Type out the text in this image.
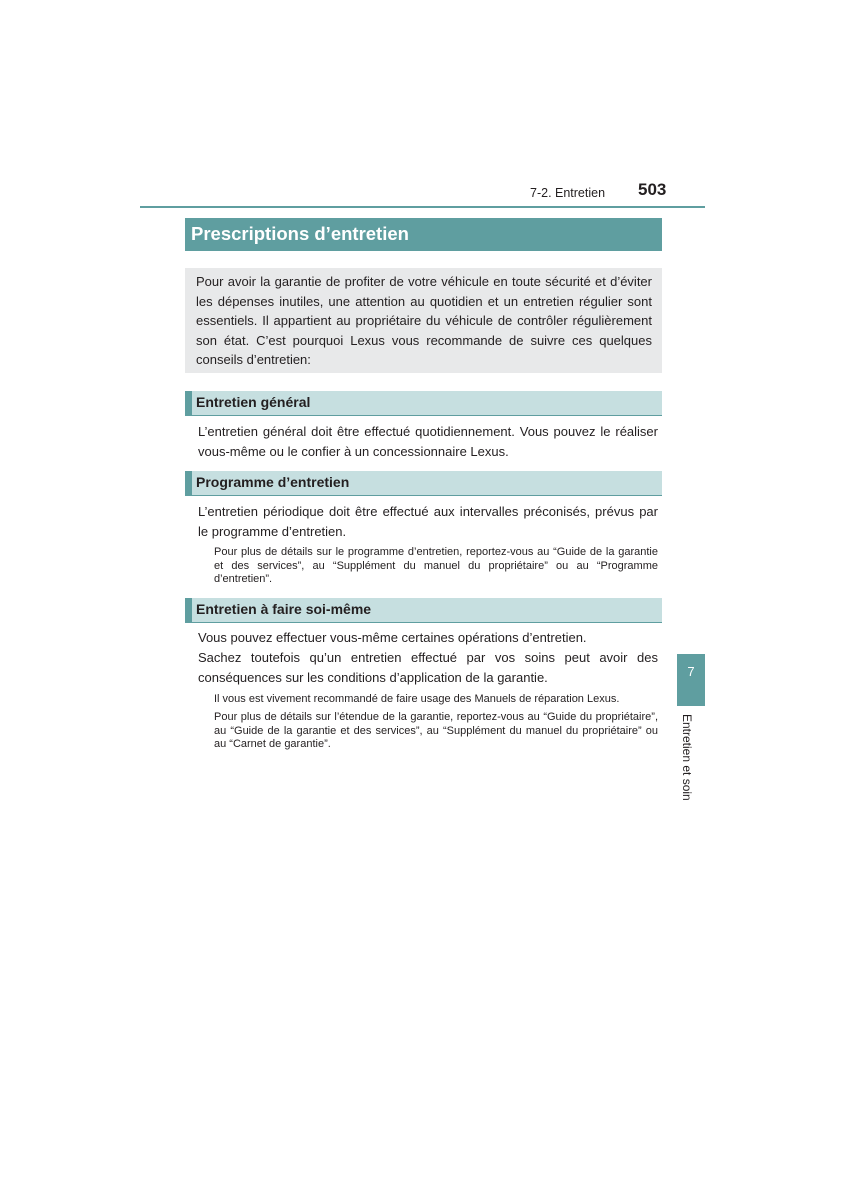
7-2. Entretien 503
Prescriptions d’entretien
Pour avoir la garantie de profiter de votre véhicule en toute sécurité et d’éviter les dépenses inutiles, une attention au quotidien et un entretien régulier sont essentiels. Il appartient au propriétaire du véhicule de contrôler régulièrement son état. C’est pourquoi Lexus vous recommande de suivre ces quelques conseils d’entretien:
Entretien général
L’entretien général doit être effectué quotidiennement. Vous pouvez le réaliser vous-même ou le confier à un concessionnaire Lexus.
Programme d’entretien
L’entretien périodique doit être effectué aux intervalles préconisés, prévus par le programme d’entretien.
Pour plus de détails sur le programme d’entretien, reportez-vous au “Guide de la garantie et des services”, au “Supplément du manuel du propriétaire” ou au “Programme d’entretien”.
Entretien à faire soi-même
Vous pouvez effectuer vous-même certaines opérations d’entretien.
Sachez toutefois qu’un entretien effectué par vos soins peut avoir des conséquences sur les conditions d’application de la garantie.
Il vous est vivement recommandé de faire usage des Manuels de réparation Lexus.
Pour plus de détails sur l’étendue de la garantie, reportez-vous au “Guide du propriétaire”, au “Guide de la garantie et des services”, au “Supplément du manuel du propriétaire” ou au “Carnet de garantie”.
7
Entretien et soin
